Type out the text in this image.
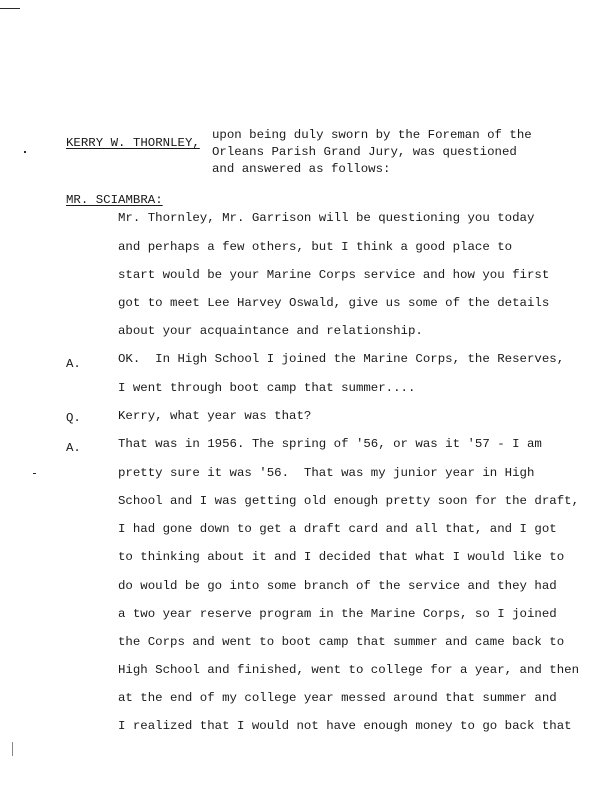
KERRY W. THORNLEY,
upon being duly sworn by the Foreman of the
Orleans Parish Grand Jury, was questioned
and answered as follows:
MR. SCIAMBRA:
Mr. Thornley, Mr. Garrison will be questioning you today
and perhaps a few others, but I think a good place to
start would be your Marine Corps service and how you first
got to meet Lee Harvey Oswald, give us some of the details
about your acquaintance and relationship.
A.	OK.  In High School I joined the Marine Corps, the Reserves,
I went through boot camp that summer....
Q.	Kerry, what year was that?
A.	That was in 1956. The spring of '56, or was it '57 - I am
pretty sure it was '56.  That was my junior year in High
School and I was getting old enough pretty soon for the draft,
I had gone down to get a draft card and all that, and I got
to thinking about it and I decided that what I would like to
do would be go into some branch of the service and they had
a two year reserve program in the Marine Corps, so I joined
the Corps and went to boot camp that summer and came back to
High School and finished, went to college for a year, and then
at the end of my college year messed around that summer and
I realized that I would not have enough money to go back that
